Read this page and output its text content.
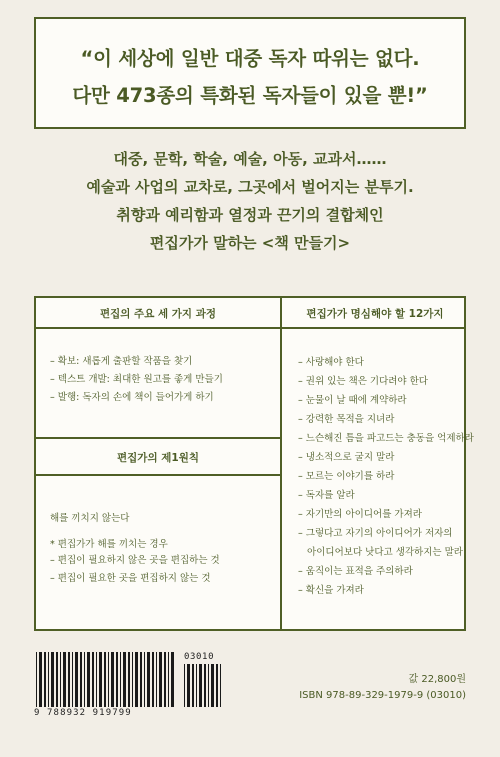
“이 세상에 일반 대중 독자 따위는 없다.
다만 473종의 특화된 독자들이 있을 뿐!”
대중, 문학, 학술, 예술, 아동, 교과서……
예술과 사업의 교차로, 그곳에서 벌어지는 분투기.
취향과 예리함과 열정과 끈기의 결합체인
편집가가 말하는 <책 만들기>
편집의 주요 세 가지 과정
– 확보: 새롭게 출판할 작품을 찾기
– 텍스트 개발: 최대한 원고를 좋게 만들기
– 발행: 독자의 손에 책이 들어가게 하기
편집가의 제1원칙
해를 끼치지 않는다
* 편집가가 해를 끼치는 경우
– 편집이 필요하지 않은 곳을 편집하는 것
– 편집이 필요한 곳을 편집하지 않는 것
편집가가 명심해야 할 12가지
– 사랑해야 한다
– 권위 있는 책은 기다려야 한다
– 눈물이 날 때에 계약하라
– 강력한 목적을 지녀라
– 느슨해진 틈을 파고드는 충동을 억제하라
– 냉소적으로 굴지 말라
– 모르는 이야기를 하라
– 독자를 알라
– 자기만의 아이디어를 가져라
– 그렇다고 자기의 아이디어가 저자의
아이디어보다 낫다고 생각하지는 말라
– 움직이는 표적을 주의하라
– 확신을 가져라
9 788932 919799
03010
값 22,800원
ISBN 978-89-329-1979-9 (03010)
